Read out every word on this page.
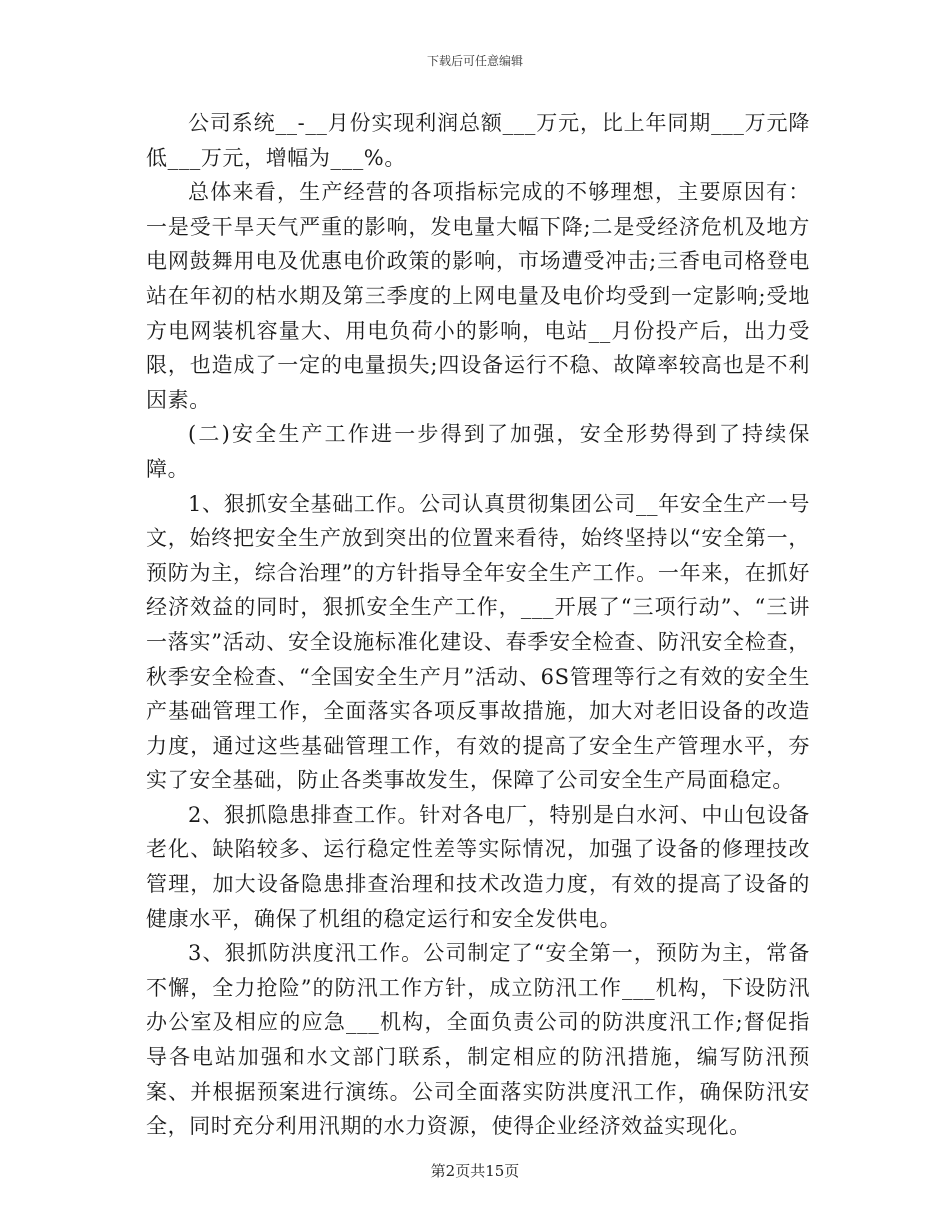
下载后可任意编辑

公司系统__-__月份实现利润总额___万元，比上年同期___万元降低___万元，增幅为___%。

总体来看，生产经营的各项指标完成的不够理想，主要原因有：一是受干旱天气严重的影响，发电量大幅下降;二是受经济危机及地方电网鼓舞用电及优惠电价政策的影响，市场遭受冲击;三香电司格登电站在年初的枯水期及第三季度的上网电量及电价均受到一定影响;受地方电网装机容量大、用电负荷小的影响，电站__月份投产后，出力受限，也造成了一定的电量损失;四设备运行不稳、故障率较高也是不利因素。

(二)安全生产工作进一步得到了加强，安全形势得到了持续保障。

1、狠抓安全基础工作。公司认真贯彻集团公司__年安全生产一号文，始终把安全生产放到突出的位置来看待，始终坚持以“安全第一，预防为主，综合治理”的方针指导全年安全生产工作。一年来，在抓好经济效益的同时，狠抓安全生产工作，___开展了“三项行动”、“三讲一落实”活动、安全设施标准化建设、春季安全检查、防汛安全检查，秋季安全检查、“全国安全生产月”活动、6S管理等行之有效的安全生产基础管理工作，全面落实各项反事故措施，加大对老旧设备的改造力度，通过这些基础管理工作，有效的提高了安全生产管理水平，夯实了安全基础，防止各类事故发生，保障了公司安全生产局面稳定。

2、狠抓隐患排查工作。针对各电厂，特别是白水河、中山包设备老化、缺陷较多、运行稳定性差等实际情况，加强了设备的修理技改管理，加大设备隐患排查治理和技术改造力度，有效的提高了设备的健康水平，确保了机组的稳定运行和安全发供电。

3、狠抓防洪度汛工作。公司制定了“安全第一，预防为主，常备不懈，全力抢险”的防汛工作方针，成立防汛工作___机构，下设防汛办公室及相应的应急___机构，全面负责公司的防洪度汛工作;督促指导各电站加强和水文部门联系，制定相应的防汛措施，编写防汛预案、并根据预案进行演练。公司全面落实防洪度汛工作，确保防汛安全，同时充分利用汛期的水力资源，使得企业经济效益实现化。

第2页共15页
